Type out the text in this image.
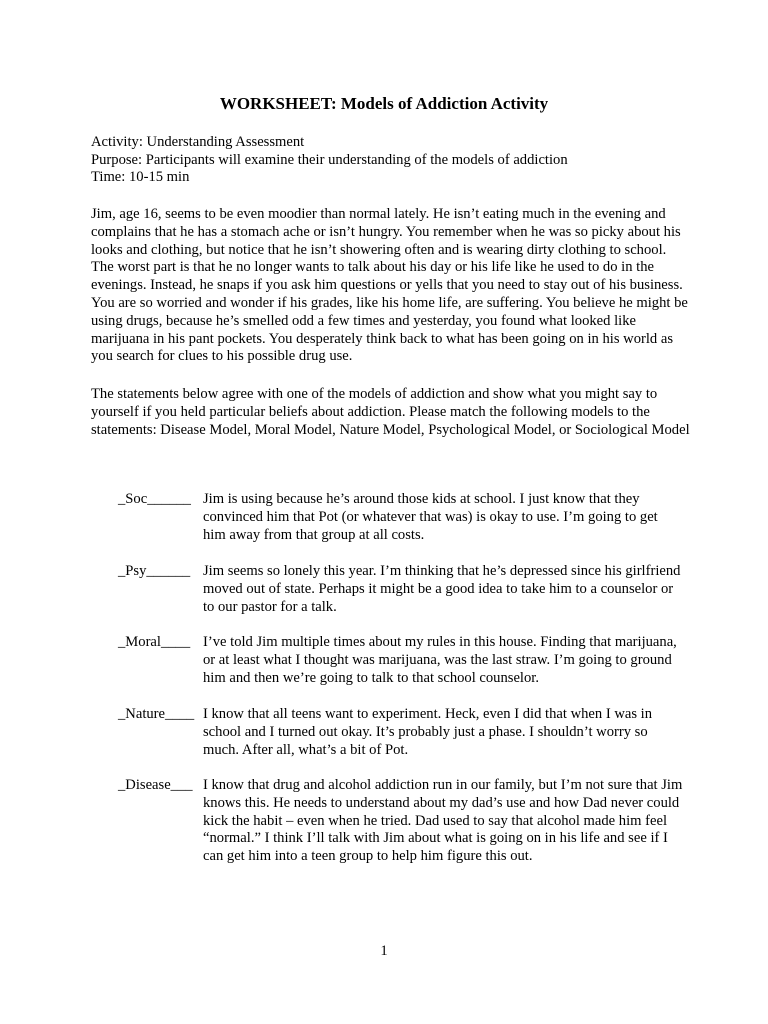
WORKSHEET: Models of Addiction Activity
Activity: Understanding Assessment
Purpose: Participants will examine their understanding of the models of addiction
Time: 10-15 min

Jim, age 16, seems to be even moodier than normal lately. He isn’t eating much in the evening and complains that he has a stomach ache or isn’t hungry. You remember when he was so picky about his looks and clothing, but notice that he isn’t showering often and is wearing dirty clothing to school. The worst part is that he no longer wants to talk about his day or his life like he used to do in the evenings. Instead, he snaps if you ask him questions or yells that you need to stay out of his business. You are so worried and wonder if his grades, like his home life, are suffering. You believe he might be using drugs, because he’s smelled odd a few times and yesterday, you found what looked like marijuana in his pant pockets. You desperately think back to what has been going on in his world as you search for clues to his possible drug use.

The statements below agree with one of the models of addiction and show what you might say to yourself if you held particular beliefs about addiction. Please match the following models to the statements: Disease Model, Moral Model, Nature Model, Psychological Model, or Sociological Model

_Soc______ Jim is using because he’s around those kids at school. I just know that they convinced him that Pot (or whatever that was) is okay to use. I’m going to get him away from that group at all costs.

_Psy______ Jim seems so lonely this year. I’m thinking that he’s depressed since his girlfriend moved out of state. Perhaps it might be a good idea to take him to a counselor or to our pastor for a talk.

_Moral____ I’ve told Jim multiple times about my rules in this house. Finding that marijuana, or at least what I thought was marijuana, was the last straw. I’m going to ground him and then we’re going to talk to that school counselor.

_Nature____ I know that all teens want to experiment. Heck, even I did that when I was in school and I turned out okay. It’s probably just a phase. I shouldn’t worry so much. After all, what’s a bit of Pot.

_Disease___ I know that drug and alcohol addiction run in our family, but I’m not sure that Jim knows this. He needs to understand about my dad’s use and how Dad never could kick the habit – even when he tried. Dad used to say that alcohol made him feel “normal.” I think I’ll talk with Jim about what is going on in his life and see if I can get him into a teen group to help him figure this out.

1
